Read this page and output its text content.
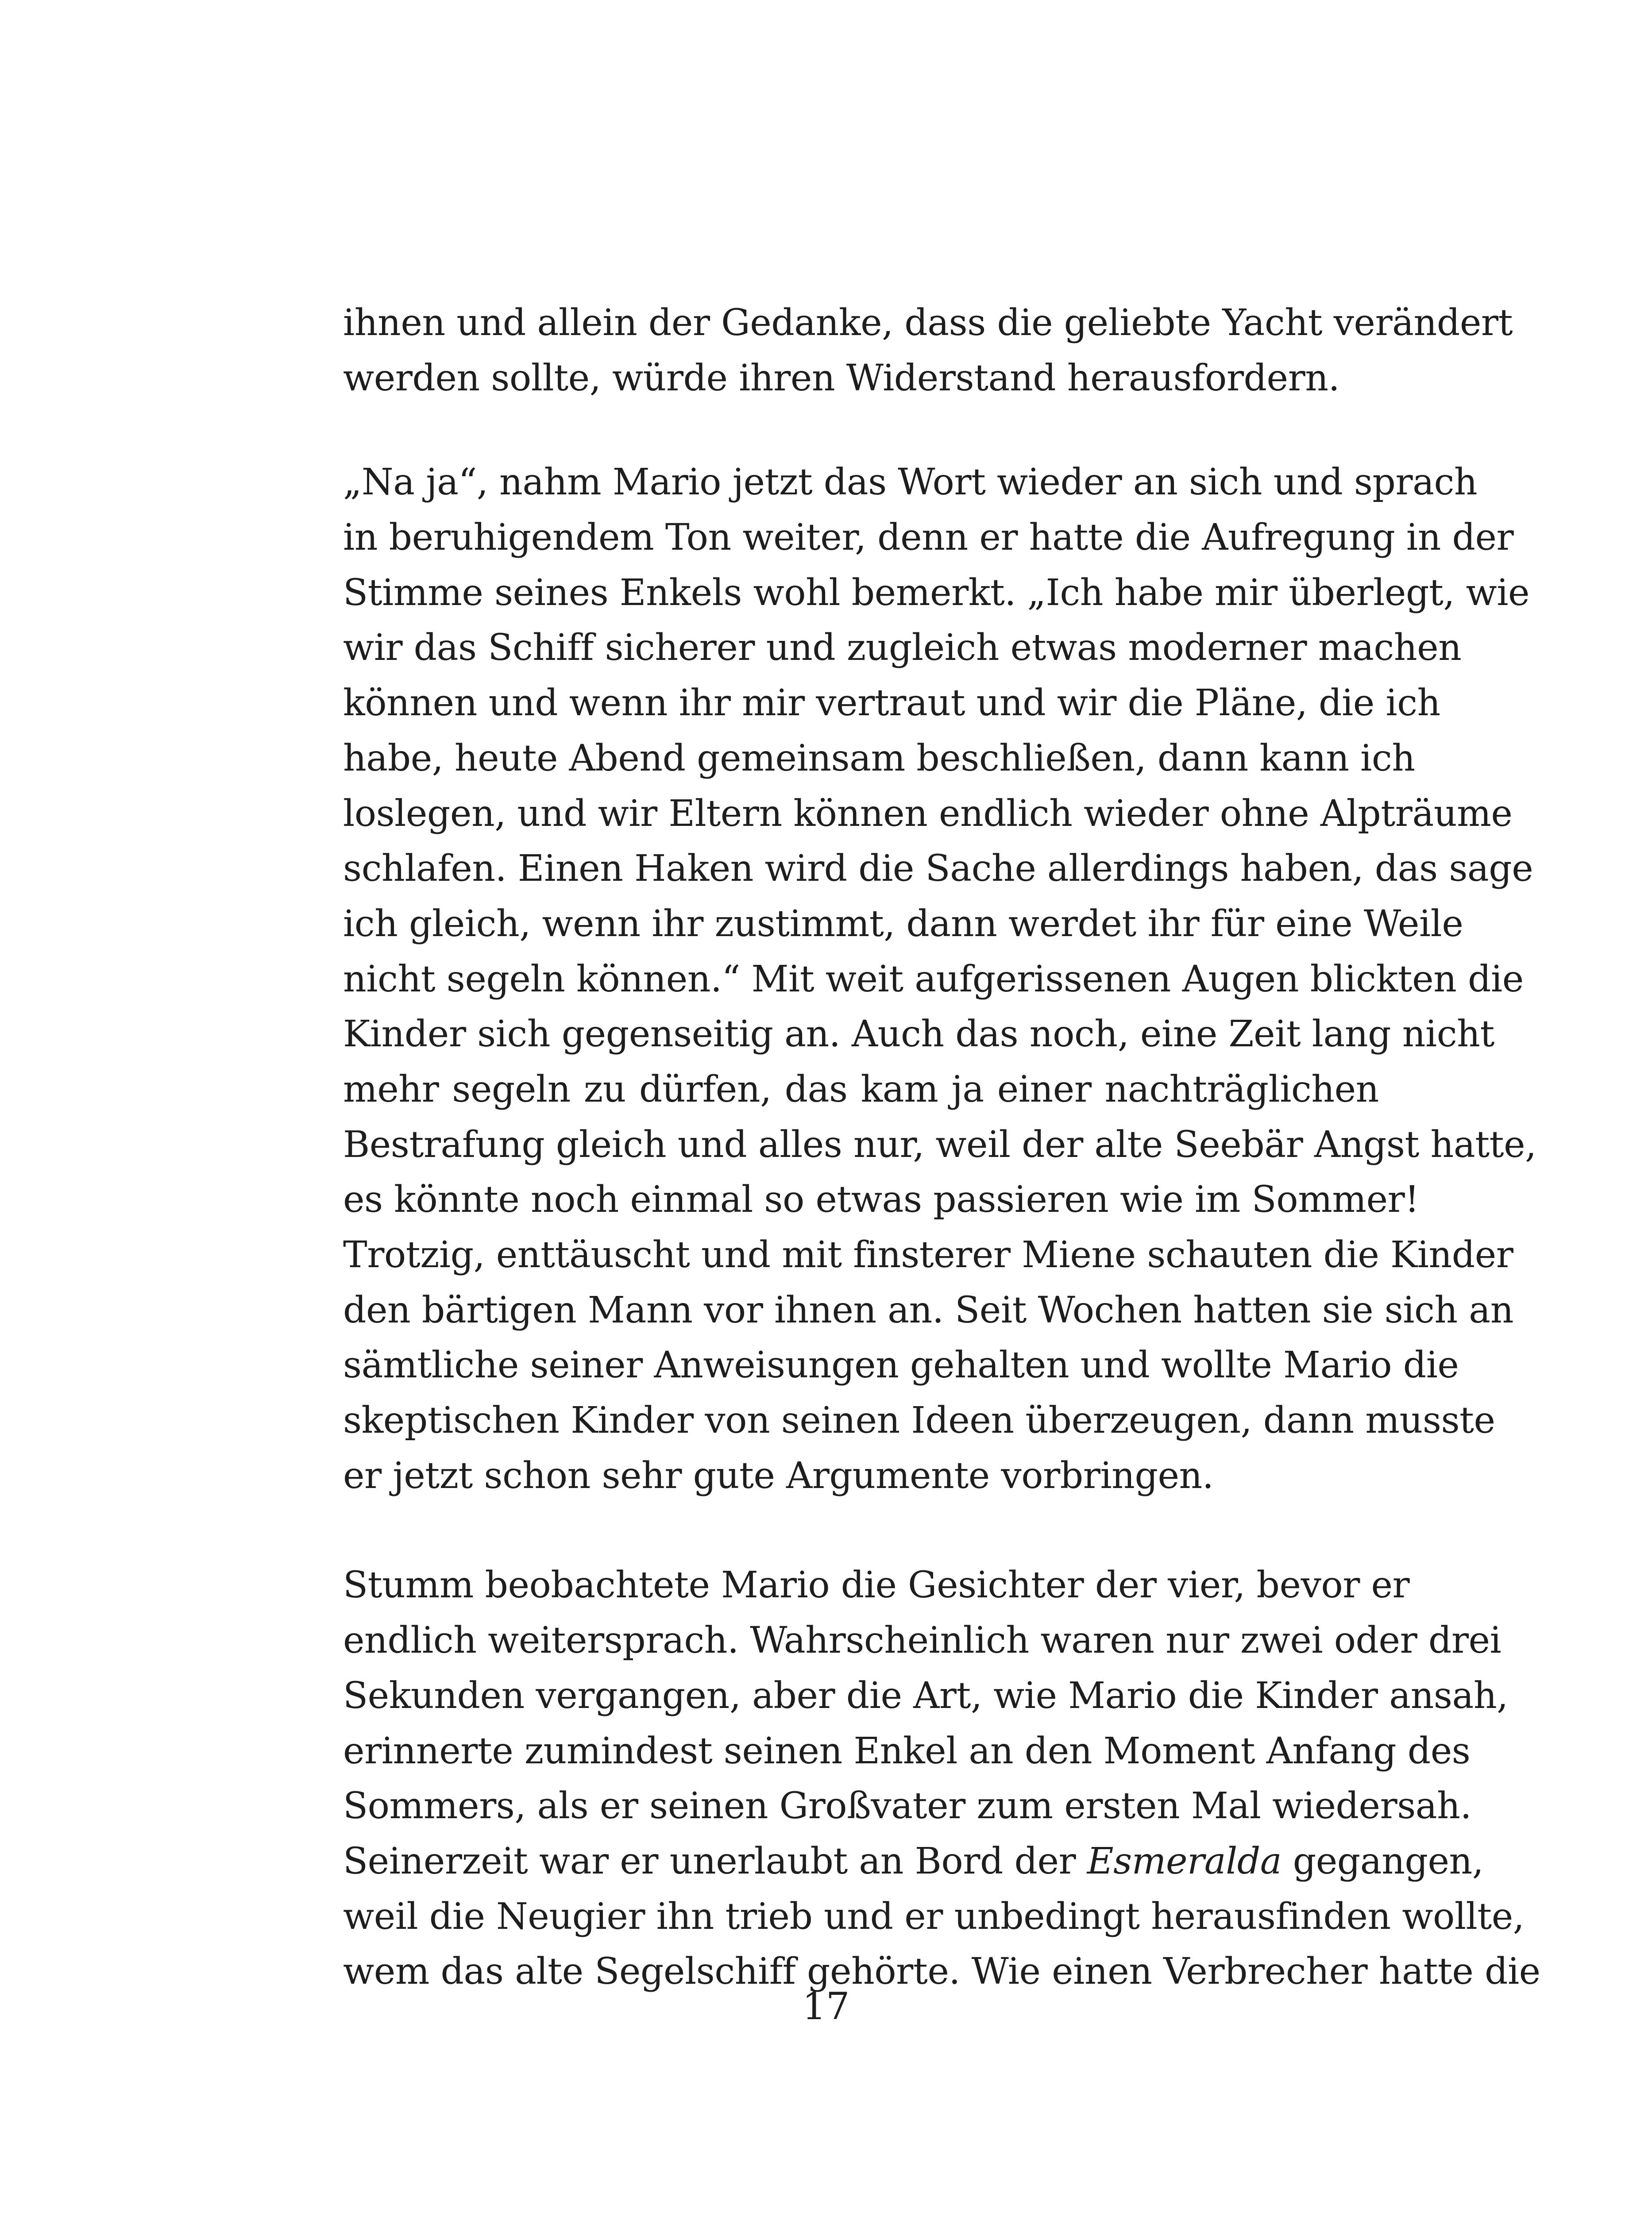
ihnen und allein der Gedanke, dass die geliebte Yacht verändert
werden sollte, würde ihren Widerstand herausfordern.
„Na ja“, nahm Mario jetzt das Wort wieder an sich und sprach
in beruhigendem Ton weiter, denn er hatte die Aufregung in der
Stimme seines Enkels wohl bemerkt. „Ich habe mir überlegt, wie
wir das Schiff sicherer und zugleich etwas moderner machen
können und wenn ihr mir vertraut und wir die Pläne, die ich
habe, heute Abend gemeinsam beschließen, dann kann ich
loslegen, und wir Eltern können endlich wieder ohne Alpträume
schlafen. Einen Haken wird die Sache allerdings haben, das sage
ich gleich, wenn ihr zustimmt, dann werdet ihr für eine Weile
nicht segeln können.“ Mit weit aufgerissenen Augen blickten die
Kinder sich gegenseitig an. Auch das noch, eine Zeit lang nicht
mehr segeln zu dürfen, das kam ja einer nachträglichen
Bestrafung gleich und alles nur, weil der alte Seebär Angst hatte,
es könnte noch einmal so etwas passieren wie im Sommer!
Trotzig, enttäuscht und mit finsterer Miene schauten die Kinder
den bärtigen Mann vor ihnen an. Seit Wochen hatten sie sich an
sämtliche seiner Anweisungen gehalten und wollte Mario die
skeptischen Kinder von seinen Ideen überzeugen, dann musste
er jetzt schon sehr gute Argumente vorbringen.
Stumm beobachtete Mario die Gesichter der vier, bevor er
endlich weitersprach. Wahrscheinlich waren nur zwei oder drei
Sekunden vergangen, aber die Art, wie Mario die Kinder ansah,
erinnerte zumindest seinen Enkel an den Moment Anfang des
Sommers, als er seinen Großvater zum ersten Mal wiedersah.
Seinerzeit war er unerlaubt an Bord der Esmeralda gegangen,
weil die Neugier ihn trieb und er unbedingt herausfinden wollte,
wem das alte Segelschiff gehörte. Wie einen Verbrecher hatte die
17
